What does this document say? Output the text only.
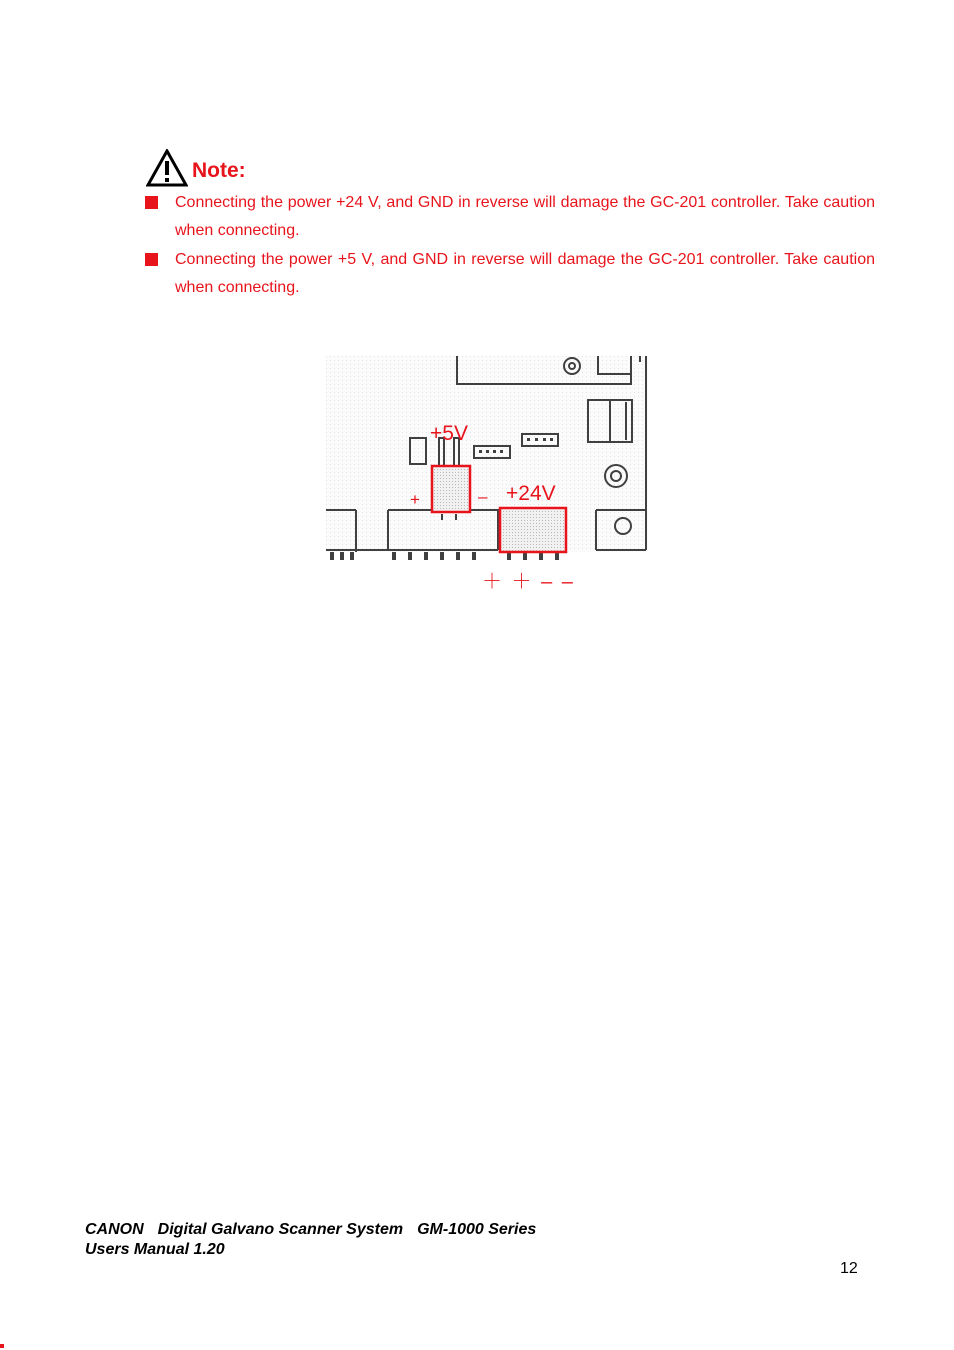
Note:
Connecting the power +24 V, and GND in reverse will damage the GC-201 controller. Take caution when connecting.
Connecting the power +5 V, and GND in reverse will damage the GC-201 controller. Take caution when connecting.
+5V
+	– +24V
＋ ＋ – –
CANON Digital Galvano Scanner System GM-1000 Series
Users Manual 1.20
12
